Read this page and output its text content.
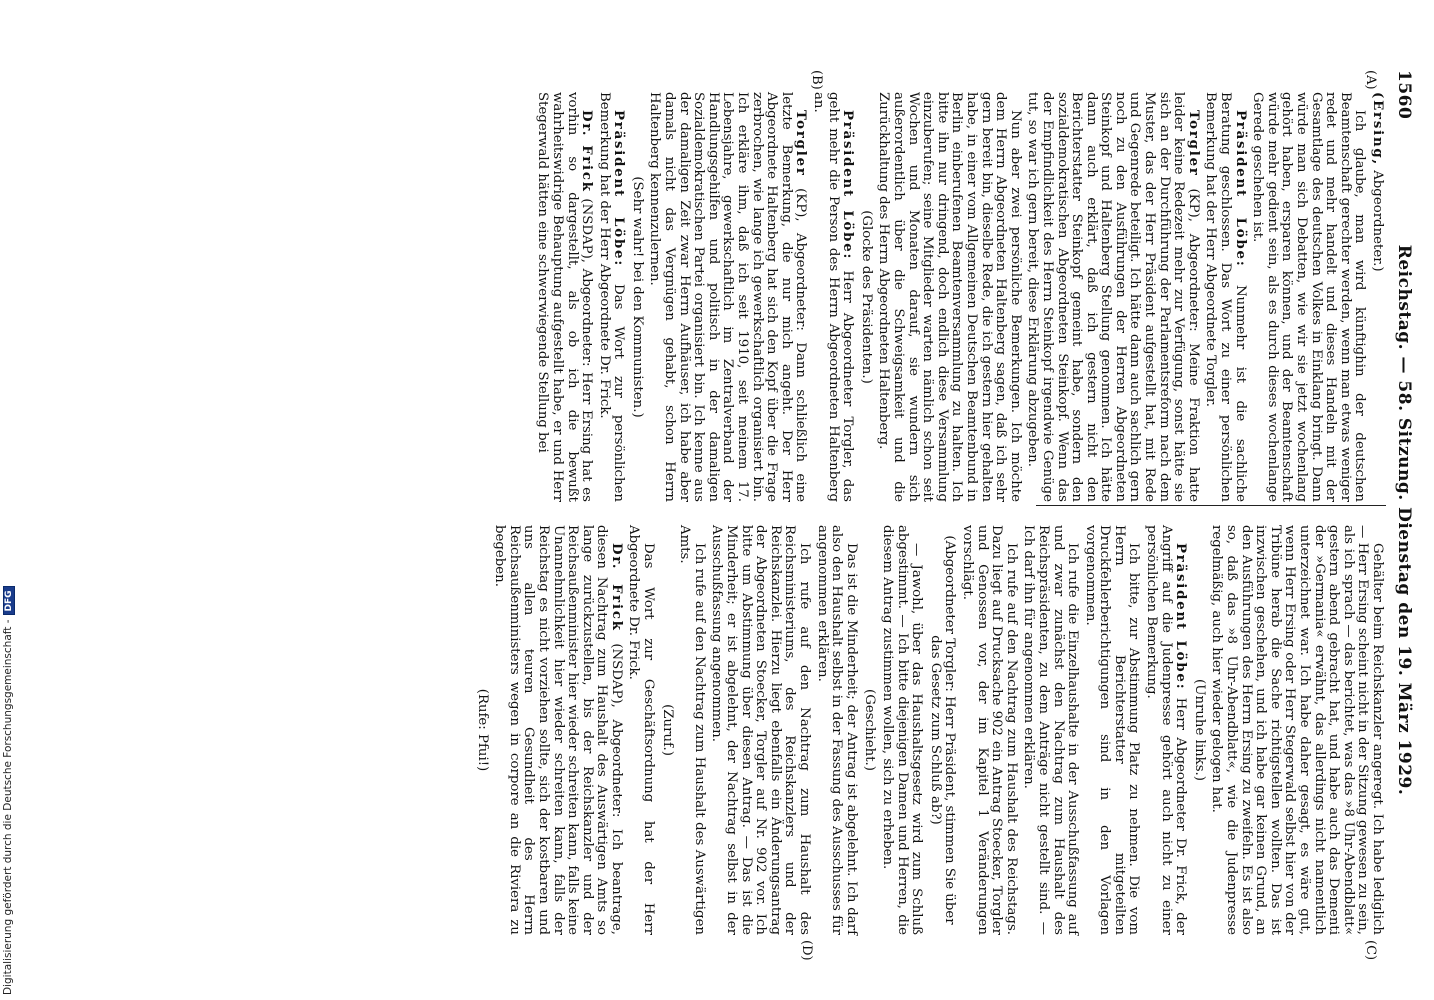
1560
Reichstag. — 58. Sitzung. Dienstag den 19. März 1929.
(A)
(B)
(C)
(D)

(Ersing, Abgeordneter.)

Ich glaube, man wird künftighin der deutschen Beamtenschaft gerechter werden, wenn man etwas weniger redet und mehr handelt und dieses Handeln mit der Gesamtlage des deutschen Volkes in Einklang bringt. Dann würde man sich Debatten, wie wir sie jetzt wochenlang gehört haben, ersparen können, und der Beamtenschaft würde mehr gedient sein, als es durch dieses wochenlange Gerede geschehen ist.

Präsident Löbe: Nunmehr ist die sachliche Beratung geschlossen. Das Wort zu einer persönlichen Bemerkung hat der Herr Abgeordnete Torgler.

Torgler (KP), Abgeordneter: Meine Fraktion hatte leider keine Redezeit mehr zur Verfügung, sonst hätte sie sich an der Durchführung der Parlamentsreform nach dem Muster, das der Herr Präsident aufgestellt hat, mit Rede und Gegenrede beteiligt. Ich hätte dann auch sachlich gern noch zu den Ausführungen der Herren Abgeordneten Steinkopf und Haltenberg Stellung genommen. Ich hätte dann auch erklärt, daß ich gestern nicht den Berichterstatter Steinkopf gemeint habe, sondern den sozialdemokratischen Abgeordneten Steinkopf. Wenn das der Empfindlichkeit des Herrn Steinkopf irgendwie Genüge tut, so war ich gern bereit, diese Erklärung abzugeben.

Nun aber zwei persönliche Bemerkungen. Ich möchte dem Herrn Abgeordneten Haltenberg sagen, daß ich sehr gern bereit bin, dieselbe Rede, die ich gestern hier gehalten habe, in einer vom Allgemeinen Deutschen Beamtenbund in Berlin einberufenen Beamtenversammlung zu halten. Ich bitte ihn nur dringend, doch endlich diese Versammlung einzuberufen; seine Mitglieder warten nämlich schon seit Wochen und Monaten darauf, sie wundern sich außerordentlich über die Schweigsamkeit und die Zurückhaltung des Herrn Abgeordneten Haltenberg.

(Glocke des Präsidenten.)

Präsident Löbe: Herr Abgeordneter Torgler, das geht mehr die Person des Herrn Abgeordneten Haltenberg an.

Torgler (KP), Abgeordneter: Dann schließlich eine letzte Bemerkung, die nur mich angeht. Der Herr Abgeordnete Haltenberg hat sich den Kopf über die Frage zerbrochen, wie lange ich gewerkschaftlich organisiert bin. Ich erkläre ihm, daß ich seit 1910, seit meinem 17. Lebensjahre, gewerkschaftlich im Zentralverband der Handlungsgehilfen und politisch in der damaligen Sozialdemokratischen Partei organisiert bin. Ich kenne aus der damaligen Zeit zwar Herrn Aufhäuser, ich habe aber damals nicht das Vergnügen gehabt, schon Herrn Haltenberg kennenzulernen.

(Sehr wahr! bei den Kommunisten.)

Präsident Löbe: Das Wort zur persönlichen Bemerkung hat der Herr Abgeordnete Dr. Frick.

Dr. Frick (NSDAP), Abgeordneter: Herr Ersing hat es vorhin so dargestellt, als ob ich die bewußt wahrheitswidrige Behauptung aufgestellt habe, er und Herr Stegerwald hätten eine schwerwiegende Stellung bei

Gehälter beim Reichskanzler angeregt. Ich habe lediglich — Herr Ersing scheint nicht in der Sitzung gewesen zu sein, als ich sprach — das berichtet, was das »8 Uhr-Abendblatt« gestern abend gebracht hat, und habe auch das Dementi der »Germania« erwähnt, das allerdings nicht namentlich unterzeichnet war. Ich habe daher gesagt, es wäre gut, wenn Herr Ersing oder Herr Stegerwald selbst hier von der Tribüne herab die Sache richtigstellen wollten. Das ist inzwischen geschehen, und ich habe gar keinen Grund, an den Ausführungen des Herrn Ersing zu zweifeln. Es ist also so, daß das »8 Uhr-Abendblatt«, wie die Judenpresse regelmäßig, auch hier wieder gelogen hat.

(Unruhe links.)

Präsident Löbe: Herr Abgeordneter Dr. Frick, der Angriff auf die Judenpresse gehört auch nicht zu einer persönlichen Bemerkung.

Ich bitte, zur Abstimmung Platz zu nehmen. Die vom Herrn Berichterstatter mitgeteilten Druckfehlerberichtigungen sind in den Vorlagen vorgenommen.

Ich rufe die Einzelhaushalte in der Ausschußfassung auf und zwar zunächst den Nachtrag zum Haushalt des Reichspräsidenten, zu dem Anträge nicht gestellt sind. — Ich darf ihn für angenommen erklären.

Ich rufe auf den Nachtrag zum Haushalt des Reichstags. Dazu liegt auf Drucksache 902 ein Antrag Stoecker, Torgler und Genossen vor, der im Kapitel 1 Veränderungen vorschlägt.

(Abgeordneter Torgler: Herr Präsident, stimmen Sie über das Gesetz zum Schluß ab?)

— Jawohl, über das Haushaltsgesetz wird zum Schluß abgestimmt. — Ich bitte diejenigen Damen und Herren, die diesem Antrag zustimmen wollen, sich zu erheben.

(Geschieht.)

Das ist die Minderheit; der Antrag ist abgelehnt. Ich darf also den Haushalt selbst in der Fassung des Ausschusses für angenommen erklären.

Ich rufe auf den Nachtrag zum Haushalt des Reichsministeriums, des Reichskanzlers und der Reichskanzlei. Hierzu liegt ebenfalls ein Änderungsantrag der Abgeordneten Stoecker, Torgler auf Nr. 902 vor. Ich bitte um Abstimmung über diesen Antrag. — Das ist die Minderheit; er ist abgelehnt, der Nachtrag selbst in der Ausschußfassung angenommen.

Ich rufe auf den Nachtrag zum Haushalt des Auswärtigen Amts.

(Zuruf.)

Das Wort zur Geschäftsordnung hat der Herr Abgeordnete Dr. Frick.

Dr. Frick (NSDAP), Abgeordneter: Ich beantrage, diesen Nachtrag zum Haushalt des Auswärtigen Amts so lange zurückzustellen, bis der Reichskanzler und der Reichsaußenminister hier wieder schreiten kann, falls keine Unannehmlichkeit hier wieder schreiten kann, falls der Reichstag es nicht vorziehen sollte, sich der kostbaren und uns allen teuren Gesundheit des Herrn Reichsaußenministers wegen in corpore an die Riviera zu begeben.

(Rufe: Pfui!)

Digitalisierung gefördert durch die Deutsche Forschungsgemeinschaft -DFG
